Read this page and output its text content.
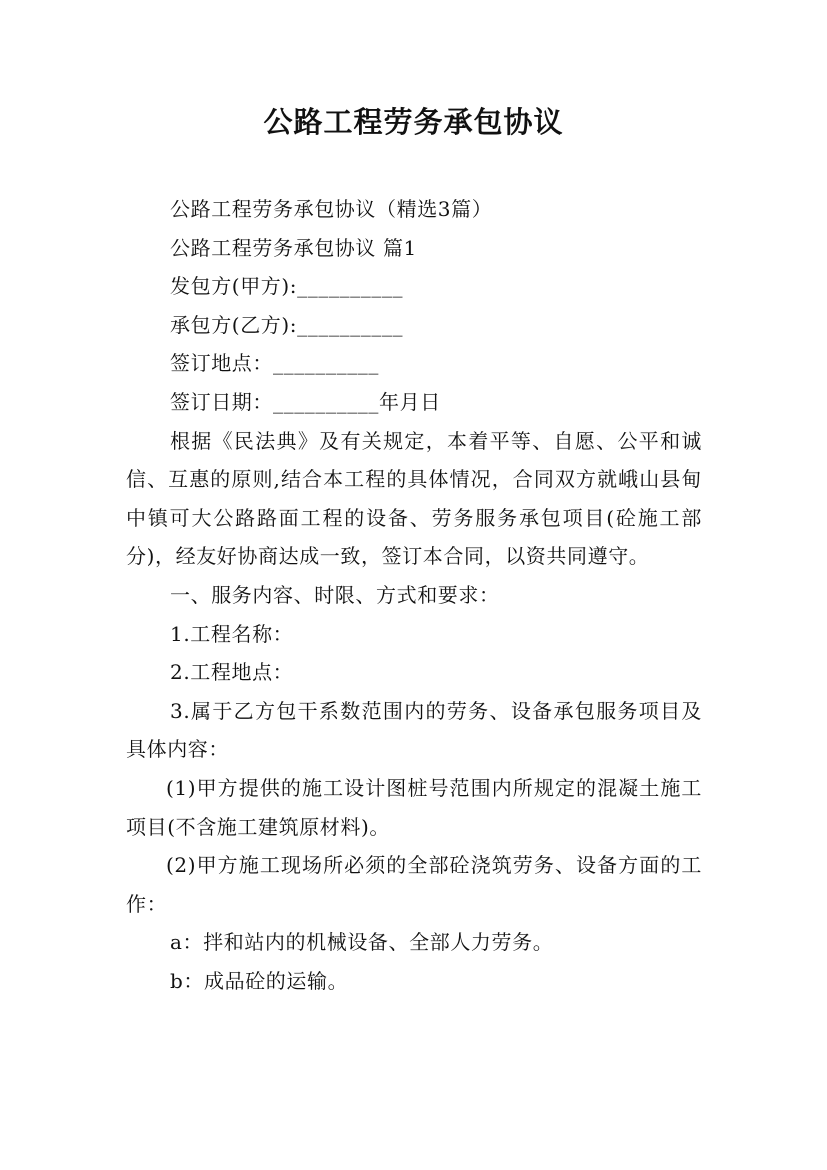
公路工程劳务承包协议

公路工程劳务承包协议（精选3篇）

公路工程劳务承包协议 篇1

发包方(甲方):__________

承包方(乙方):__________

签订地点：__________

签订日期：__________年月日

根据《民法典》及有关规定，本着平等、自愿、公平和诚信、互惠的原则,结合本工程的具体情况，合同双方就峨山县甸中镇可大公路路面工程的设备、劳务服务承包项目(砼施工部分)，经友好协商达成一致，签订本合同，以资共同遵守。

一、服务内容、时限、方式和要求：

1.工程名称：

2.工程地点：

3.属于乙方包干系数范围内的劳务、设备承包服务项目及具体内容：

(1)甲方提供的施工设计图桩号范围内所规定的混凝土施工项目(不含施工建筑原材料)。

(2)甲方施工现场所必须的全部砼浇筑劳务、设备方面的工作：

a：拌和站内的机械设备、全部人力劳务。

b：成品砼的运输。
